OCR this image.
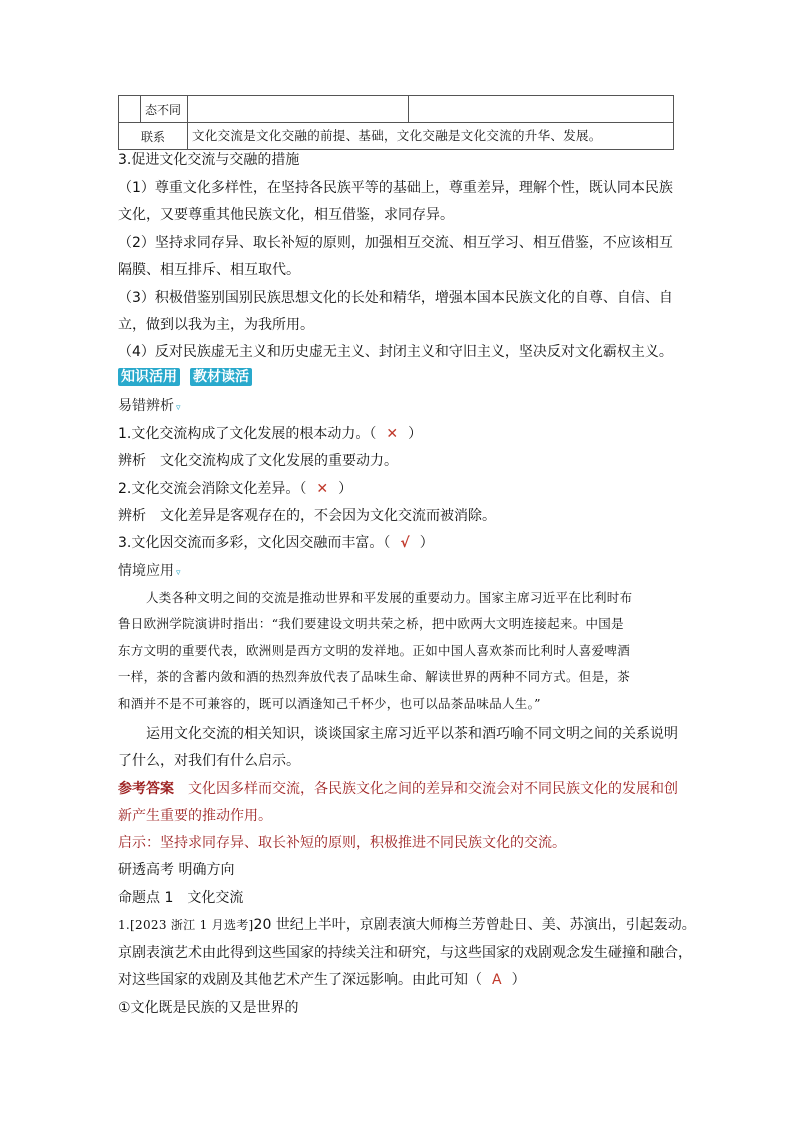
	态不同		
联系		文化交流是文化交融的前提、基础，文化交融是文化交流的升华、发展。	
3.促进文化交流与交融的措施
（1）尊重文化多样性，在坚持各民族平等的基础上，尊重差异，理解个性，既认同本民族
文化，又要尊重其他民族文化，相互借鉴，求同存异。
（2）坚持求同存异、取长补短的原则，加强相互交流、相互学习、相互借鉴，不应该相互
隔膜、相互排斥、相互取代。
（3）积极借鉴别国别民族思想文化的长处和精华，增强本国本民族文化的自尊、自信、自
立，做到以我为主，为我所用。
（4）反对民族虚无主义和历史虚无主义、封闭主义和守旧主义，坚决反对文化霸权主义。
知识活用 教材读活
易错辨析 ▿
1.文化交流构成了文化发展的根本动力。（ ✕ ）
辨析　 文化交流构成了文化发展的重要动力。
2.文化交流会消除文化差异。（ ✕ ）
辨析　 文化差异是客观存在的，不会因为文化交流而被消除。
3.文化因交流而多彩，文化因交融而丰富。（ √ ）
情境应用 ▿
人类各种文明之间的交流是推动世界和平发展的重要动力。国家主席习近平在比利时布
鲁日欧洲学院演讲时指出：“我们要建设文明共荣之桥，把中欧两大文明连接起来。中国是
东方文明的重要代表，欧洲则是西方文明的发祥地。正如中国人喜欢茶而比利时人喜爱啤酒
一样，茶的含蓄内敛和酒的热烈奔放代表了品味生命、解读世界的两种不同方式。但是，茶
和酒并不是不可兼容的，既可以酒逢知己千杯少，也可以品茶品味品人生。”
运用文化交流的相关知识，谈谈国家主席习近平以茶和酒巧喻不同文明之间的关系说明
了什么，对我们有什么启示。
参考答案　 文化因多样而交流，各民族文化之间的差异和交流会对不同民族文化的发展和创
新产生重要的推动作用。
启示：坚持求同存异、取长补短的原则，积极推进不同民族文化的交流。
研透高考 明确方向
命题点 1　文化交流
1.[2023 浙江 1 月选考]20 世纪上半叶，京剧表演大师梅兰芳曾赴日、美、苏演出，引起轰动。
京剧表演艺术由此得到这些国家的持续关注和研究，与这些国家的戏剧观念发生碰撞和融合，
对这些国家的戏剧及其他艺术产生了深远影响。由此可知（ A ）
①文化既是民族的又是世界的
